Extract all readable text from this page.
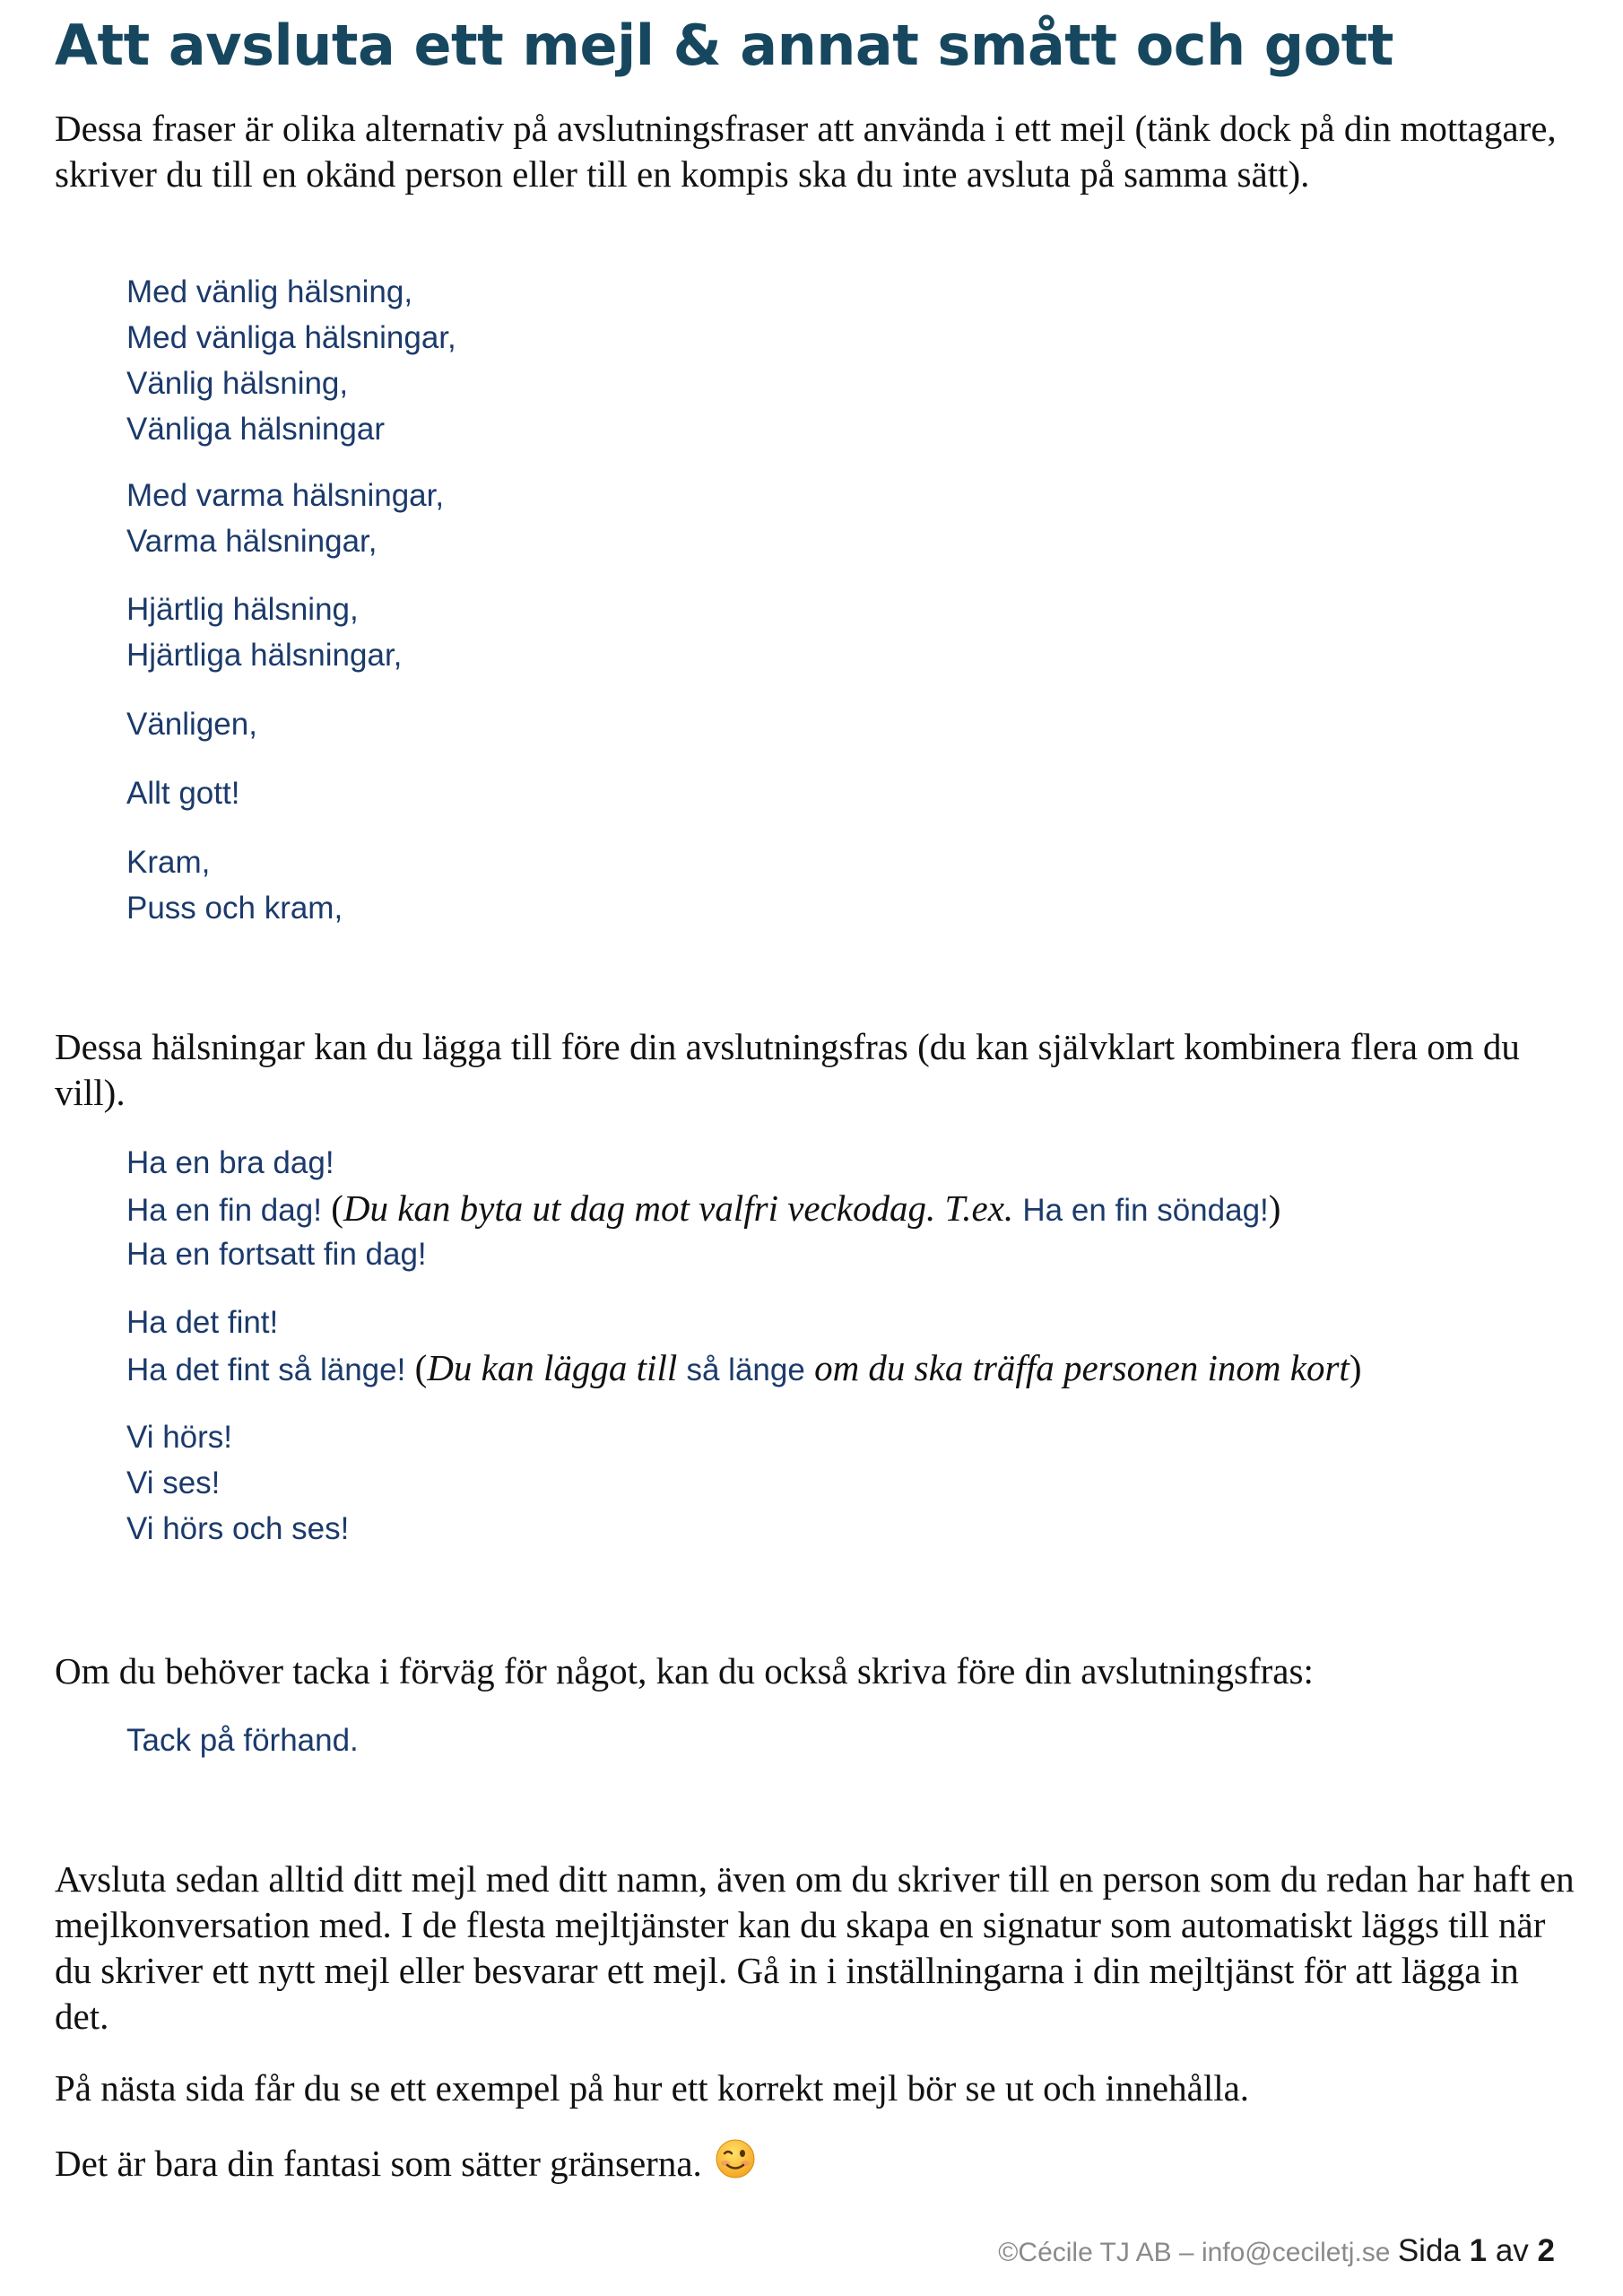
Att avsluta ett mejl & annat smått och gott

Dessa fraser är olika alternativ på avslutningsfraser att använda i ett mejl (tänk dock på din mottagare, skriver du till en okänd person eller till en kompis ska du inte avsluta på samma sätt).

Med vänlig hälsning,
Med vänliga hälsningar,
Vänlig hälsning,
Vänliga hälsningar
Med varma hälsningar,
Varma hälsningar,
Hjärtlig hälsning,
Hjärtliga hälsningar,
Vänligen,
Allt gott!
Kram,
Puss och kram,

Dessa hälsningar kan du lägga till före din avslutningsfras (du kan självklart kombinera flera om du vill).

Ha en bra dag!
Ha en fin dag! (Du kan byta ut dag mot valfri veckodag. T.ex. Ha en fin söndag!)
Ha en fortsatt fin dag!
Ha det fint!
Ha det fint så länge! (Du kan lägga till så länge om du ska träffa personen inom kort)
Vi hörs!
Vi ses!
Vi hörs och ses!

Om du behöver tacka i förväg för något, kan du också skriva före din avslutningsfras:

Tack på förhand.

Avsluta sedan alltid ditt mejl med ditt namn, även om du skriver till en person som du redan har haft en mejlkonversation med. I de flesta mejltjänster kan du skapa en signatur som automatiskt läggs till när du skriver ett nytt mejl eller besvarar ett mejl. Gå in i inställningarna i din mejltjänst för att lägga in det.

På nästa sida får du se ett exempel på hur ett korrekt mejl bör se ut och innehålla.

Det är bara din fantasi som sätter gränserna.

©Cécile TJ AB – info@ceciletj.se Sida 1 av 2
